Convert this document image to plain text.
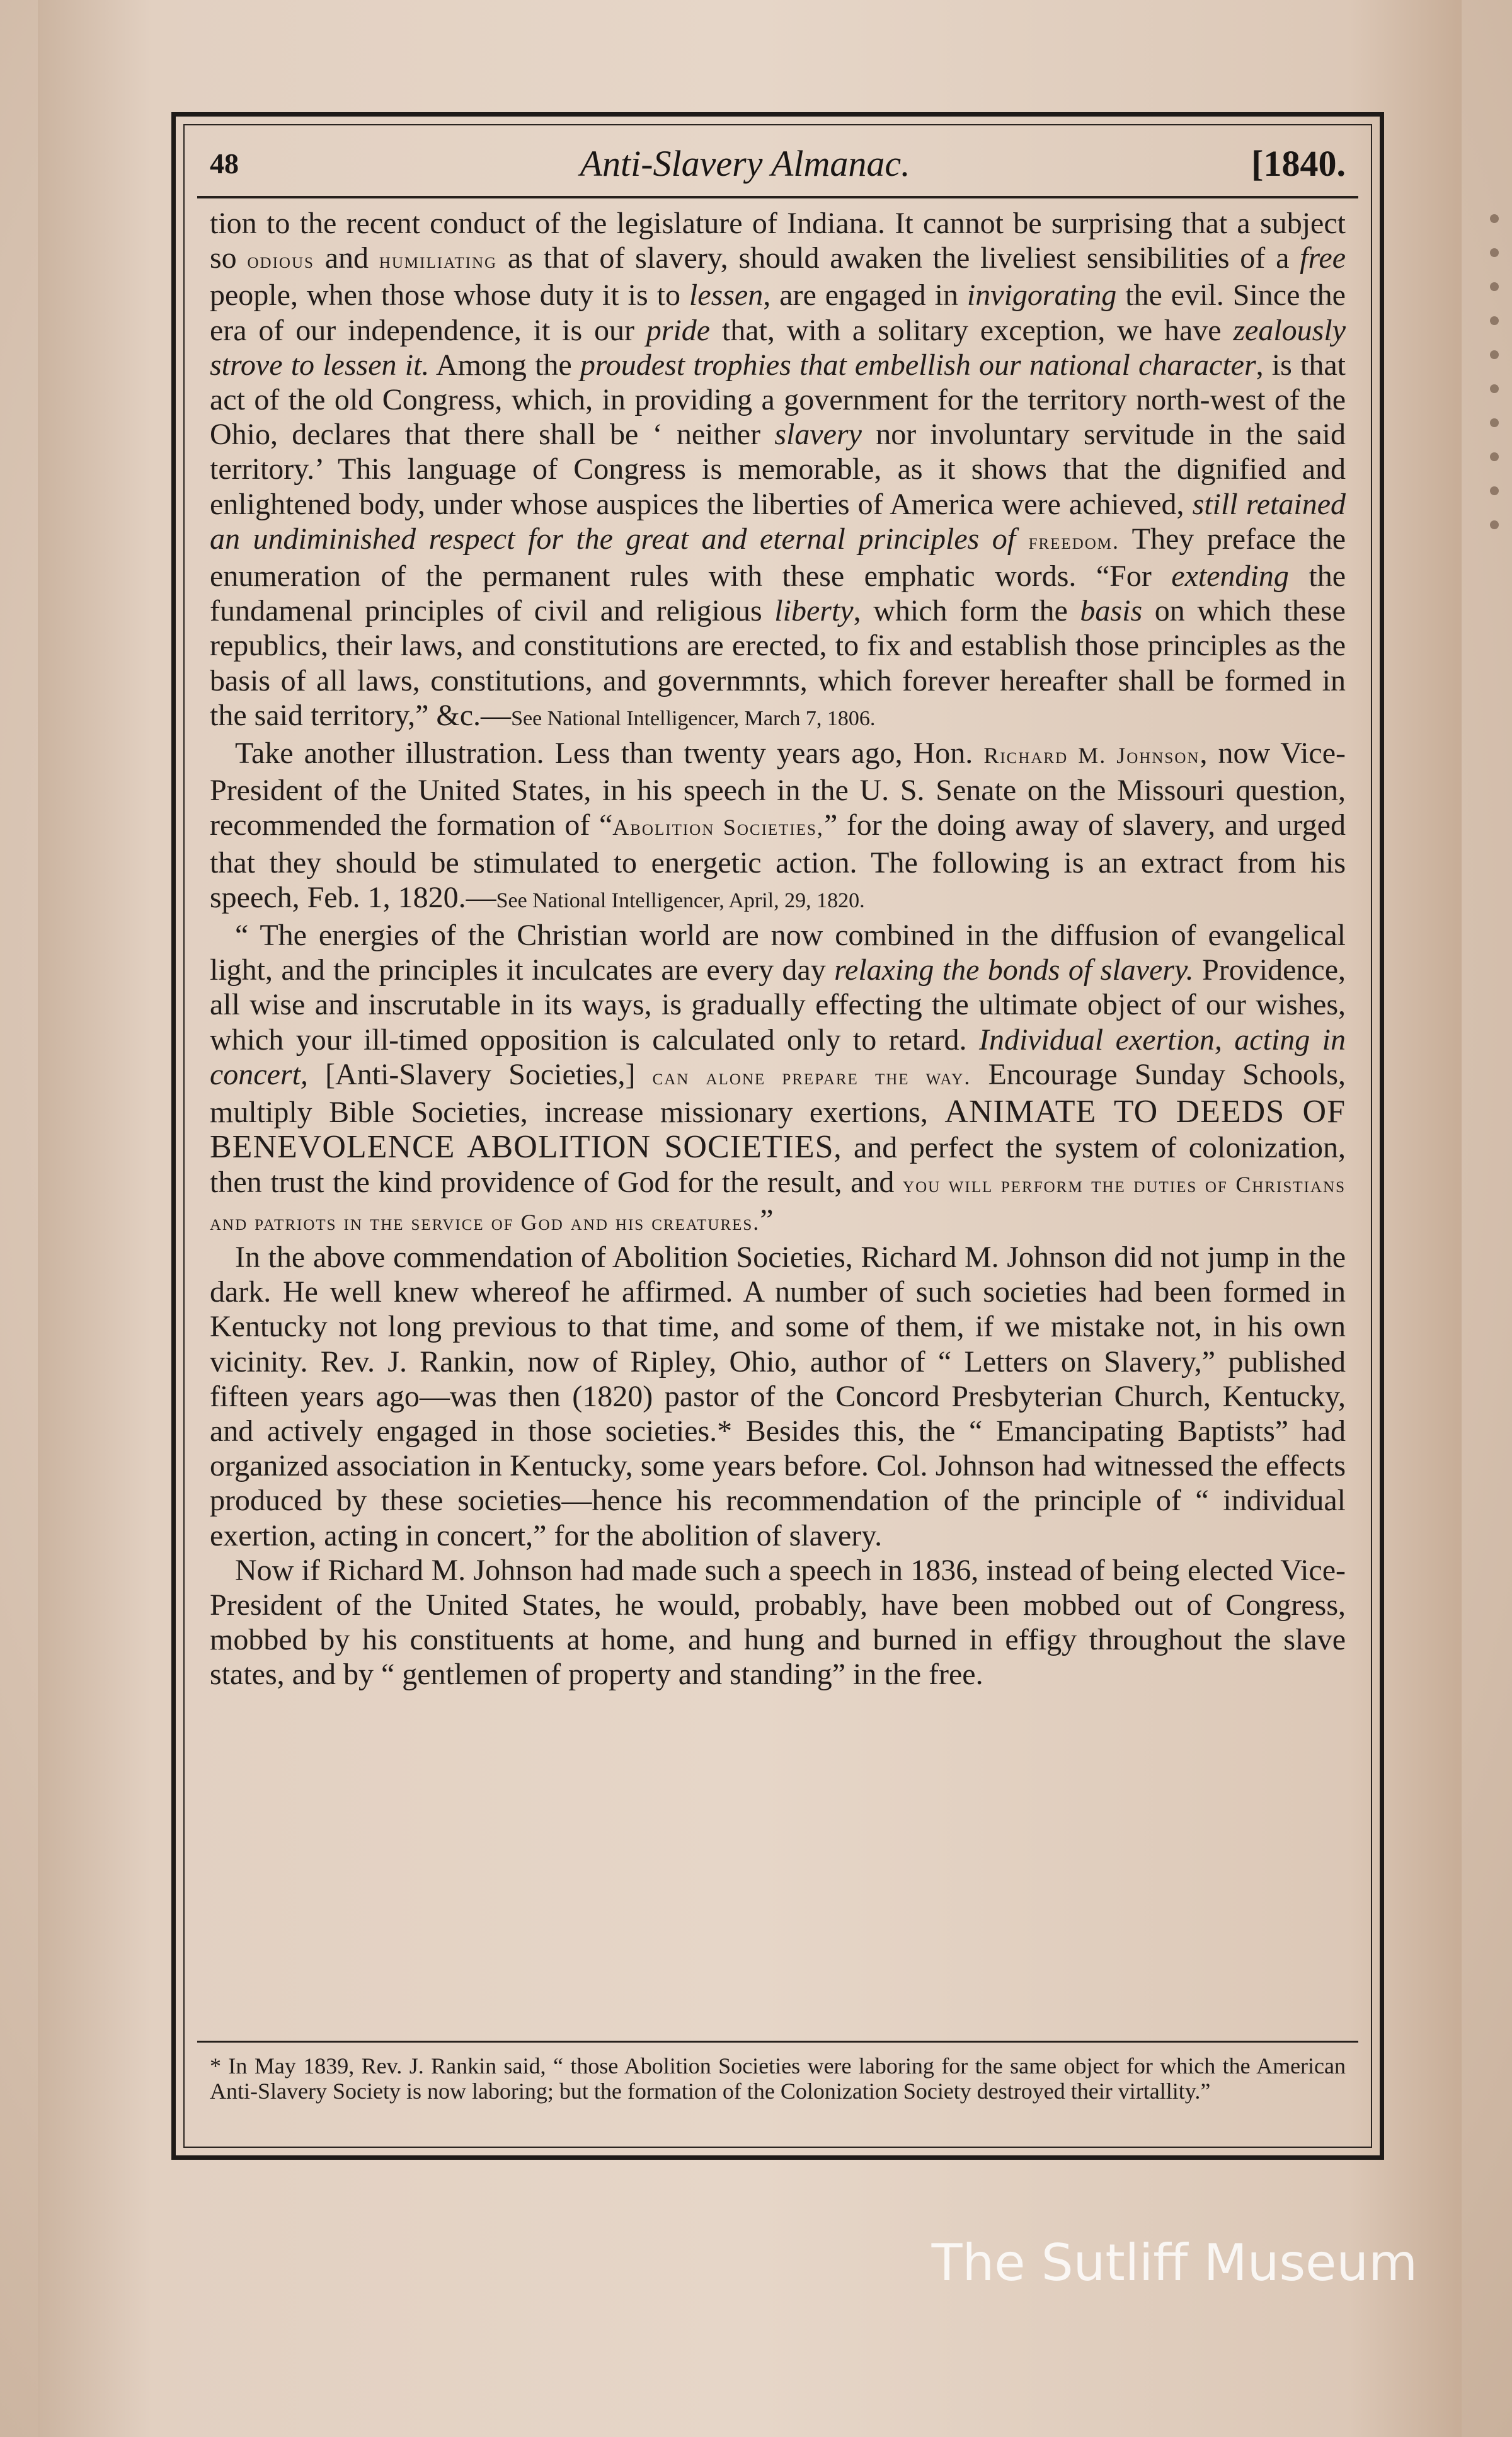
48	Anti-Slavery Almanac.	[1840.

tion to the recent conduct of the legislature of Indiana. It cannot be surprising that a subject so odious and humiliating as that of slavery, should awaken the liveliest sensibilities of a free people, when those whose duty it is to lessen, are engaged in invigorating the evil. Since the era of our independence, it is our pride that, with a solitary exception, we have zealously strove to lessen it. Among the proudest trophies that embellish our national character, is that act of the old Congress, which, in providing a government for the territory north-west of the Ohio, declares that there shall be ‘ neither slavery nor involuntary servitude in the said territory.’ This language of Congress is memorable, as it shows that the dignified and enlightened body, under whose auspices the liberties of America were achieved, still retained an undiminished respect for the great and eternal principles of freedom. They preface the enumeration of the permanent rules with these emphatic words. “For extending the fundamenal principles of civil and religious liberty, which form the basis on which these republics, their laws, and constitutions are erected, to fix and establish those principles as the basis of all laws, constitutions, and governmnts, which forever hereafter shall be formed in the said territory,” &c.—See National Intelligencer, March 7, 1806.

Take another illustration. Less than twenty years ago, Hon. Richard M. Johnson, now Vice-President of the United States, in his speech in the U. S. Senate on the Missouri question, recommended the formation of “Abolition Societies,” for the doing away of slavery, and urged that they should be stimulated to energetic action. The following is an extract from his speech, Feb. 1, 1820.—See National Intelligencer, April, 29, 1820.

“ The energies of the Christian world are now combined in the diffusion of evangelical light, and the principles it inculcates are every day relaxing the bonds of slavery. Providence, all wise and inscrutable in its ways, is gradually effecting the ultimate object of our wishes, which your ill-timed opposition is calculated only to retard. Individual exertion, acting in concert, [Anti-Slavery Societies,] can alone prepare the way. Encourage Sunday Schools, multiply Bible Societies, increase missionary exertions, ANIMATE TO DEEDS OF BENEVOLENCE ABOLITION SOCIETIES, and perfect the system of colonization, then trust the kind providence of God for the result, and you will perform the duties of Christians and patriots in the service of God and his creatures.”

In the above commendation of Abolition Societies, Richard M. Johnson did not jump in the dark. He well knew whereof he affirmed. A number of such societies had been formed in Kentucky not long previous to that time, and some of them, if we mistake not, in his own vicinity. Rev. J. Rankin, now of Ripley, Ohio, author of “ Letters on Slavery,” published fifteen years ago—was then (1820) pastor of the Concord Presbyterian Church, Kentucky, and actively engaged in those societies.* Besides this, the “ Emancipating Baptists” had organized association in Kentucky, some years before. Col. Johnson had witnessed the effects produced by these societies—hence his recommendation of the principle of “ individual exertion, acting in concert,” for the abolition of slavery.

Now if Richard M. Johnson had made such a speech in 1836, instead of being elected Vice-President of the United States, he would, probably, have been mobbed out of Congress, mobbed by his constituents at home, and hung and burned in effigy throughout the slave states, and by “ gentlemen of property and standing” in the free.

* In May 1839, Rev. J. Rankin said, “ those Abolition Societies were laboring for the same object for which the American Anti-Slavery Society is now laboring; but the formation of the Colonization Society destroyed their virtallity.”
The Sutliff Museum
